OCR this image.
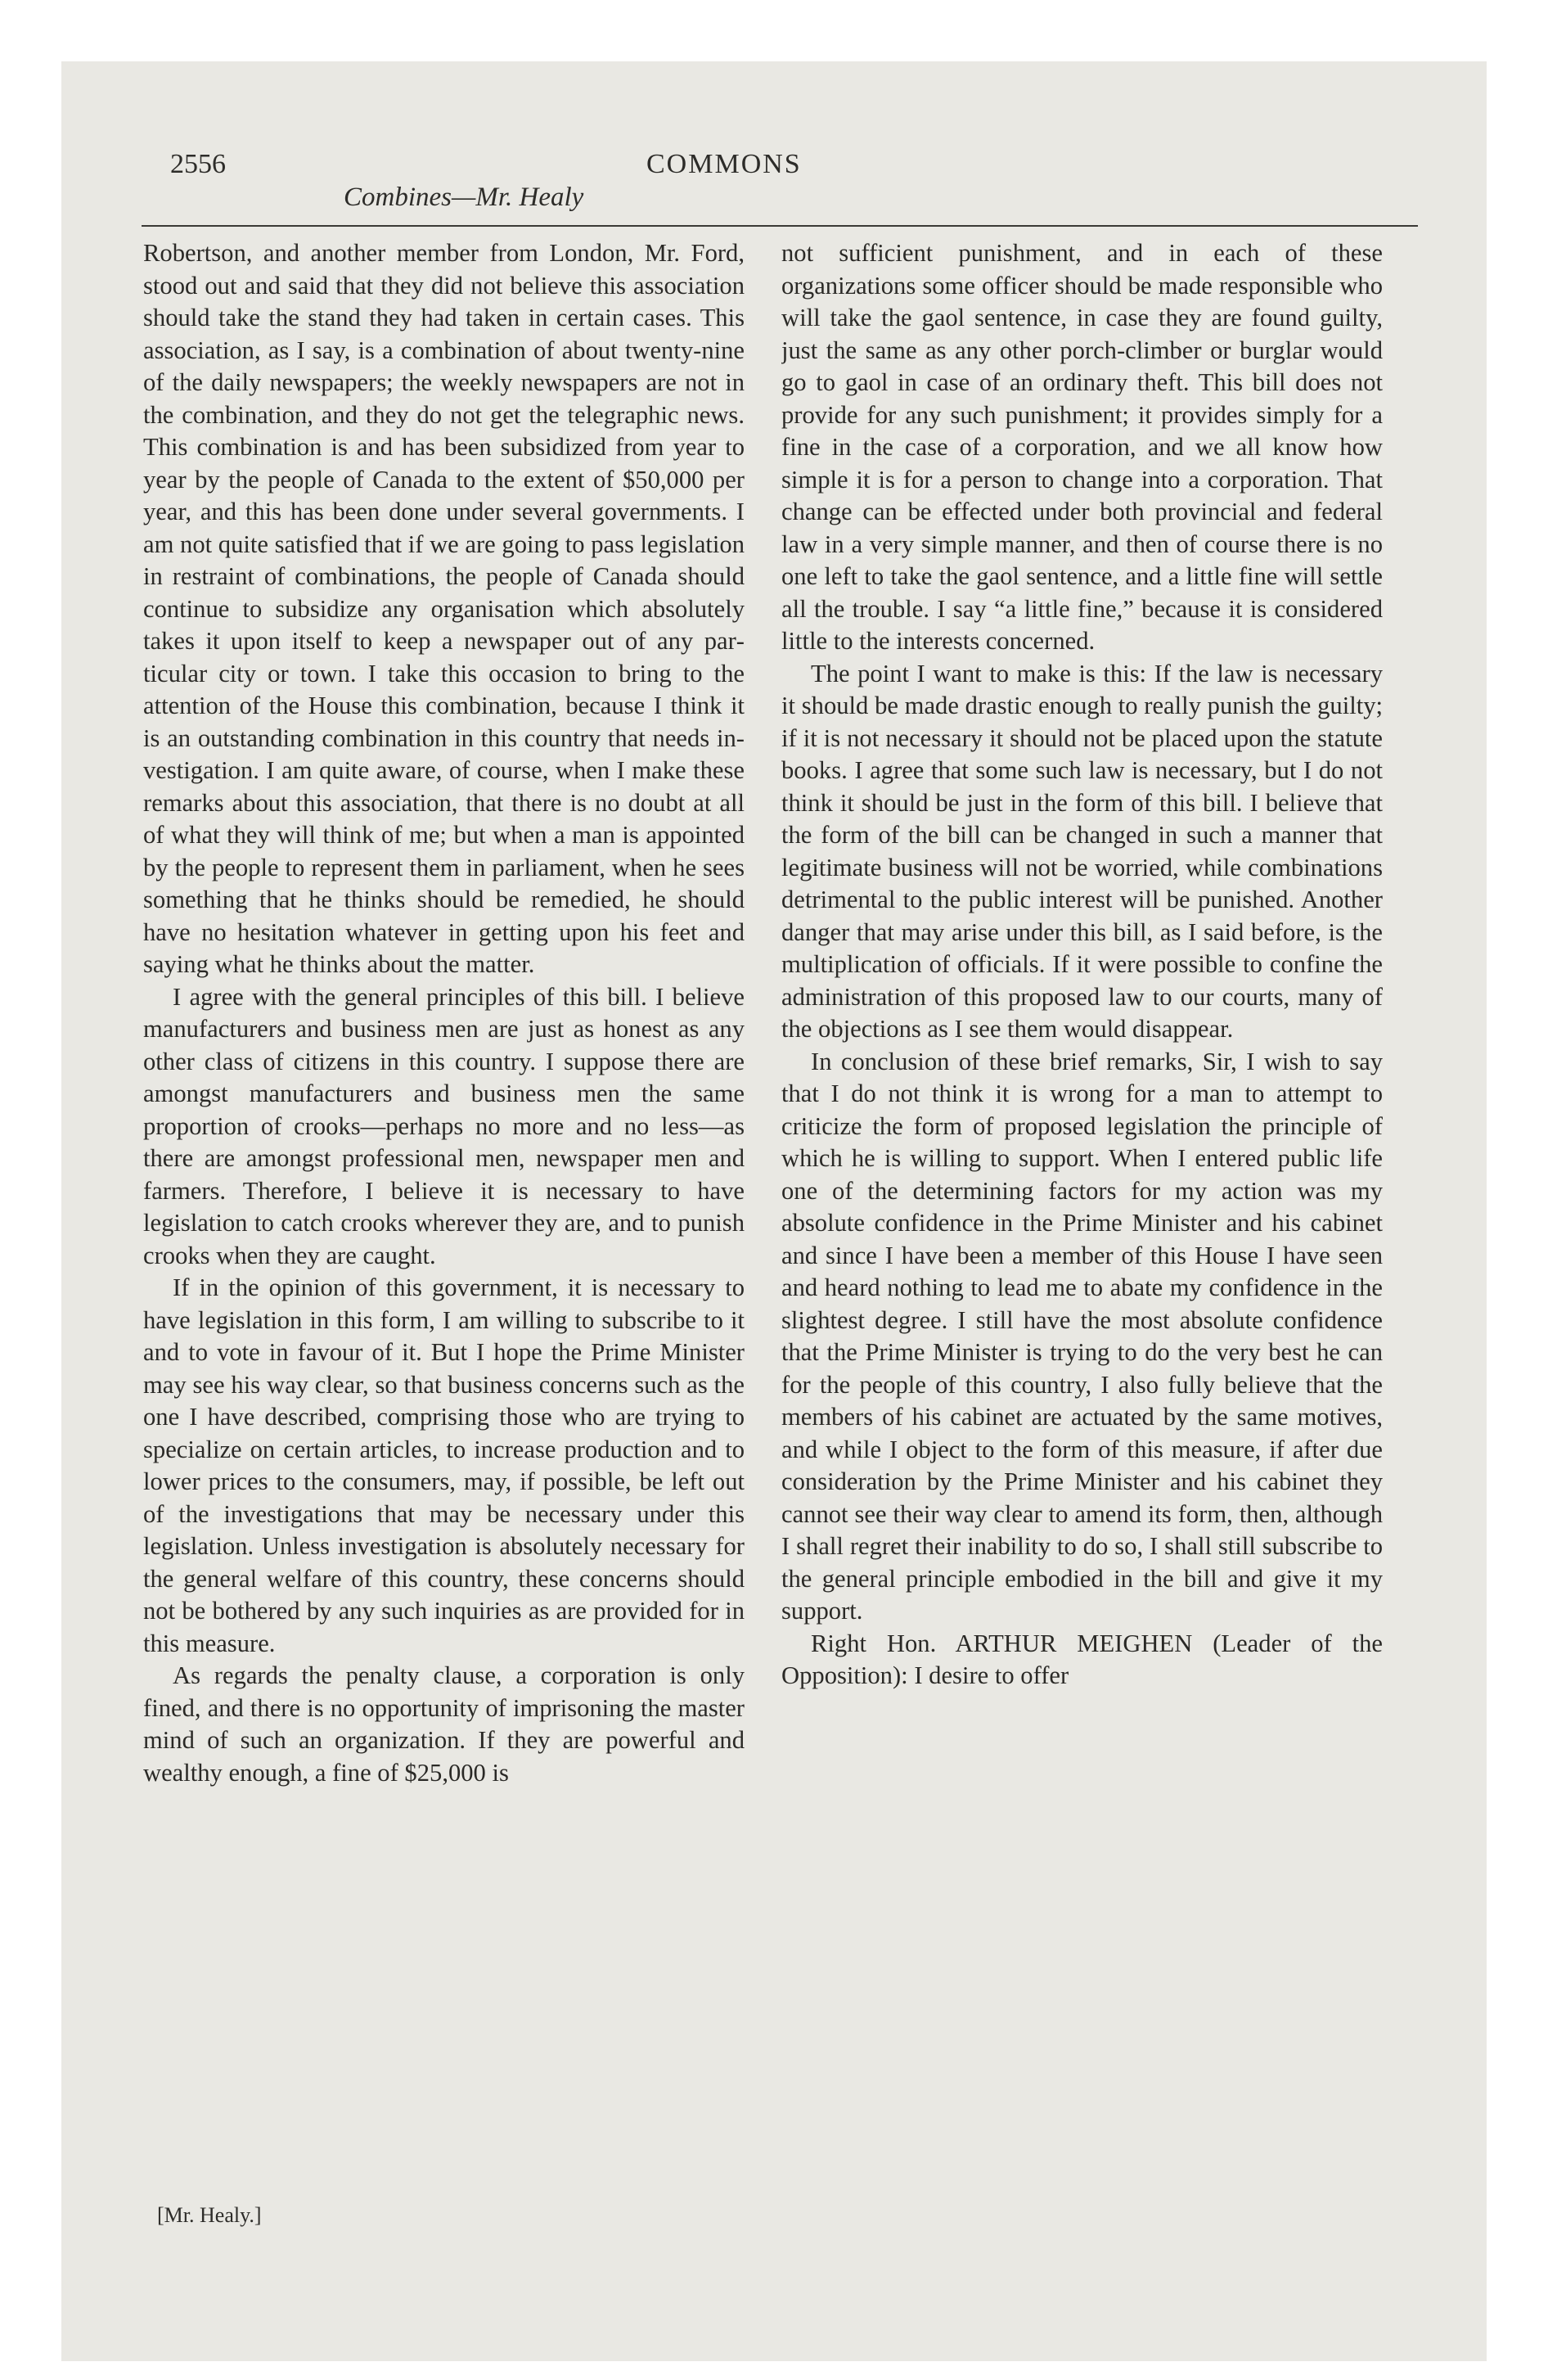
2556	COMMONS
Combines—Mr. Healy

Robertson, and another member from London, Mr. Ford, stood out and said that they did not believe this association should take the stand they had taken in certain cases. This association, as I say, is a combination of about twenty-nine of the daily newspapers; the weekly newspapers are not in the combination, and they do not get the telegraphic news. This combination is and has been subsidized from year to year by the people of Canada to the extent of $50,000 per year, and this has been done under several governments. I am not quite satisfied that if we are going to pass legislation in restraint of combinations, the people of Canada should continue to subsidize any organisation which absolutely takes it upon itself to keep a newspaper out of any particular city or town. I take this occasion to bring to the attention of the House this combination, because I think it is an outstanding combination in this country that needs investigation. I am quite aware, of course, when I make these remarks about this association, that there is no doubt at all of what they will think of me; but when a man is appointed by the people to represent them in parliament, when he sees something that he thinks should be remedied, he should have no hesitation whatever in getting upon his feet and saying what he thinks about the matter.

I agree with the general principles of this bill. I believe manufacturers and business men are just as honest as any other class of citizens in this country. I suppose there are amongst manufacturers and business men the same proportion of crooks—perhaps no more and no less—as there are amongst professional men, newspaper men and farmers. Therefore, I believe it is necessary to have legislation to catch crooks wherever they are, and to punish crooks when they are caught.

If in the opinion of this government, it is necessary to have legislation in this form, I am willing to subscribe to it and to vote in favour of it. But I hope the Prime Minister may see his way clear, so that business concerns such as the one I have described, comprising those who are trying to specialize on certain articles, to increase production and to lower prices to the consumers, may, if possible, be left out of the investigations that may be necessary under this legislation. Unless investigation is absolutely necessary for the general welfare of this country, these concerns should not be bothered by any such inquiries as are provided for in this measure.

As regards the penalty clause, a corporation is only fined, and there is no opportunity of imprisoning the master mind of such an organization. If they are powerful and wealthy enough, a fine of $25,000 is

not sufficient punishment, and in each of these organizations some officer should be made responsible who will take the gaol sentence, in case they are found guilty, just the same as any other porch-climber or burglar would go to gaol in case of an ordinary theft. This bill does not provide for any such punishment; it provides simply for a fine in the case of a corporation, and we all know how simple it is for a person to change into a corporation. That change can be effected under both provincial and federal law in a very simple manner, and then of course there is no one left to take the gaol sentence, and a little fine will settle all the trouble. I say “a little fine,” because it is considered little to the interests concerned.

The point I want to make is this: If the law is necessary it should be made drastic enough to really punish the guilty; if it is not necessary it should not be placed upon the statute books. I agree that some such law is necessary, but I do not think it should be just in the form of this bill. I believe that the form of the bill can be changed in such a manner that legitimate business will not be worried, while combinations detrimental to the public interest will be punished. Another danger that may arise under this bill, as I said before, is the multiplication of officials. If it were possible to confine the administration of this proposed law to our courts, many of the objections as I see them would disappear.

In conclusion of these brief remarks, Sir, I wish to say that I do not think it is wrong for a man to attempt to criticize the form of proposed legislation the principle of which he is willing to support. When I entered public life one of the determining factors for my action was my absolute confidence in the Prime Minister and his cabinet and since I have been a member of this House I have seen and heard nothing to lead me to abate my confidence in the slightest degree. I still have the most absolute confidence that the Prime Minister is trying to do the very best he can for the people of this country, I also fully believe that the members of his cabinet are actuated by the same motives, and while I object to the form of this measure, if after due consideration by the Prime Minister and his cabinet they cannot see their way clear to amend its form, then, although I shall regret their inability to do so, I shall still subscribe to the general principle embodied in the bill and give it my support.

Right Hon. ARTHUR MEIGHEN (Leader of the Opposition): I desire to offer

[Mr. Healy.]
